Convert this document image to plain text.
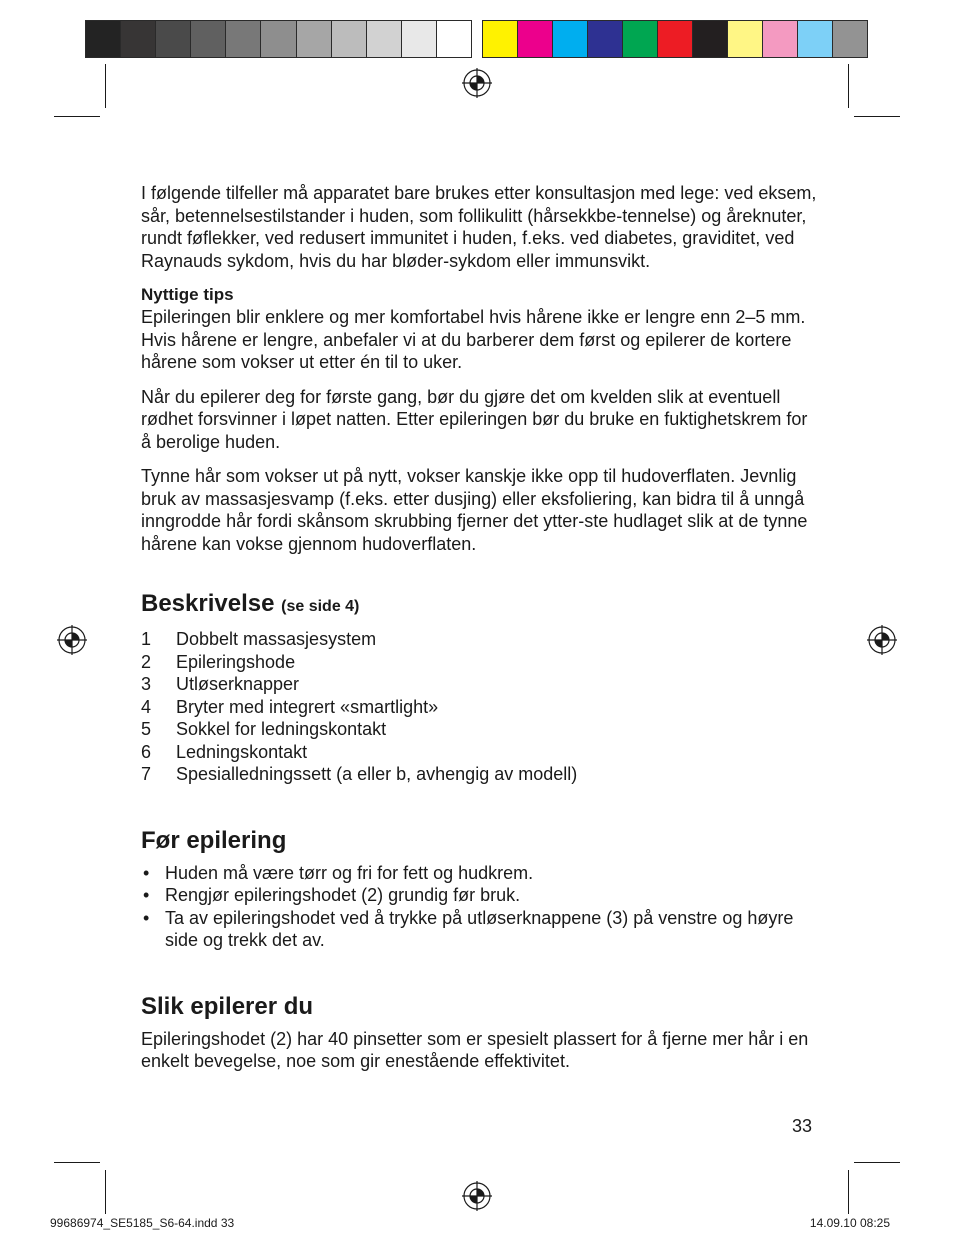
I følgende tilfeller må apparatet bare brukes etter konsultasjon med lege: ved eksem, sår, betennelsestilstander i huden, som follikulitt (hårsekkbe-tennelse) og åreknuter, rundt føflekker, ved redusert immunitet i huden, f.eks. ved diabetes, graviditet, ved Raynauds sykdom, hvis du har bløder-sykdom eller immunsvikt.

Nyttige tips

Epileringen blir enklere og mer komfortabel hvis hårene ikke er lengre enn 2–5 mm. Hvis hårene er lengre, anbefaler vi at du barberer dem først og epilerer de kortere hårene som vokser ut etter én til to uker.

Når du epilerer deg for første gang, bør du gjøre det om kvelden slik at eventuell rødhet forsvinner i løpet natten. Etter epileringen bør du bruke en fuktighetskrem for å berolige huden.

Tynne hår som vokser ut på nytt, vokser kanskje ikke opp til hudoverflaten. Jevnlig bruk av massasjesvamp (f.eks. etter dusjing) eller eksfoliering, kan bidra til å unngå inngrodde hår fordi skånsom skrubbing fjerner det ytter-ste hudlaget slik at de tynne hårene kan vokse gjennom hudoverflaten.

Beskrivelse (se side 4)
1	Dobbelt massasjesystem
2	Epileringshode
3	Utløserknapper
4	Bryter med integrert «smartlight»
5	Sokkel for ledningskontakt
6	Ledningskontakt
7	Spesialledningssett (a eller b, avhengig av modell)
Før epilering
• Huden må være tørr og fri for fett og hudkrem.
• Rengjør epileringshodet (2) grundig før bruk.
• Ta av epileringshodet ved å trykke på utløserknappene (3) på venstre og høyre side og trekk det av.
Slik epilerer du

Epileringshodet (2) har 40 pinsetter som er spesielt plassert for å fjerne mer hår i en enkelt bevegelse, noe som gir enestående effektivitet.

33
99686974_SE5185_S6-64.indd 33	14.09.10 08:25
